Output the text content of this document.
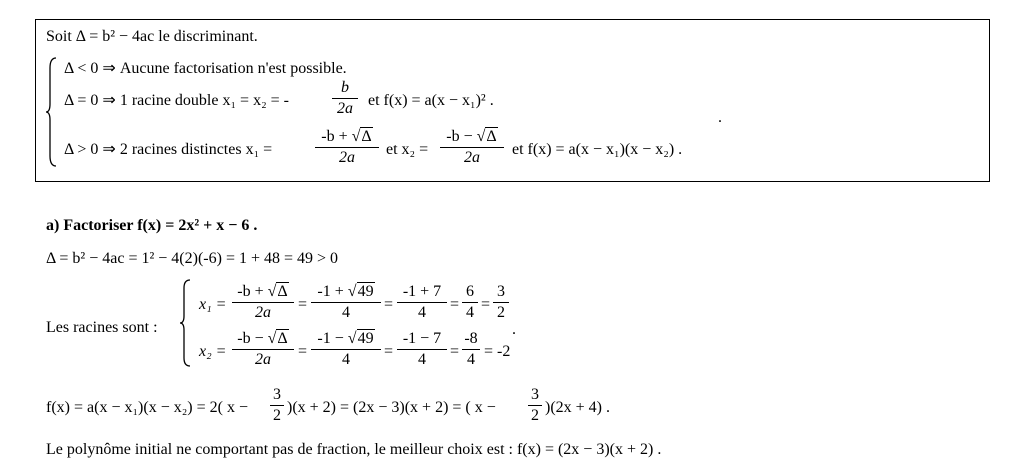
Soit Δ = b² − 4ac le discriminant.
Δ < 0 ⇒ Aucune factorisation n'est possible.
Δ = 0 ⇒ 1 racine double x₁ = x₂ = -	$\frac{b}{2a}$ et f(x) = a(x − x₁)² .
Δ > 0 ⇒ 2 racines distinctes x₁ =	$\frac{-b + √\Delta}{2a}$ et $x_2 = \frac{-b - √\Delta}{2a}$ et f(x) = a(x − x₁)(x − x₂) .
.
a) Factoriser f(x) = 2x² + x − 6 .
Δ = b² − 4ac = 1² − 4(2)(-6) = 1 + 48 = 49 > 0
Les racines sont :
$x_1 = \frac{-b + √\Delta}{2a} = \frac{-1 + √49}{4} = \frac{-1 + 7}{4} = \frac{6}{4} = \frac{3}{2}$
.
$x_2 = \frac{-b - √\Delta}{2a} = \frac{-1 - √49}{4} = \frac{-1 - 7}{4} = \frac{-8}{4} = -2$
f(x) = a(x − x₁)(x − x₂) = 2( $x - \frac{3}{2} )(x + 2) = (2x - 3)(x + 2)$ = ( $x - \frac{3}{2} )(2x + 4)$ .
Le polynôme initial ne comportant pas de fraction, le meilleur choix est : f(x) = (2x − 3)(x + 2) .
